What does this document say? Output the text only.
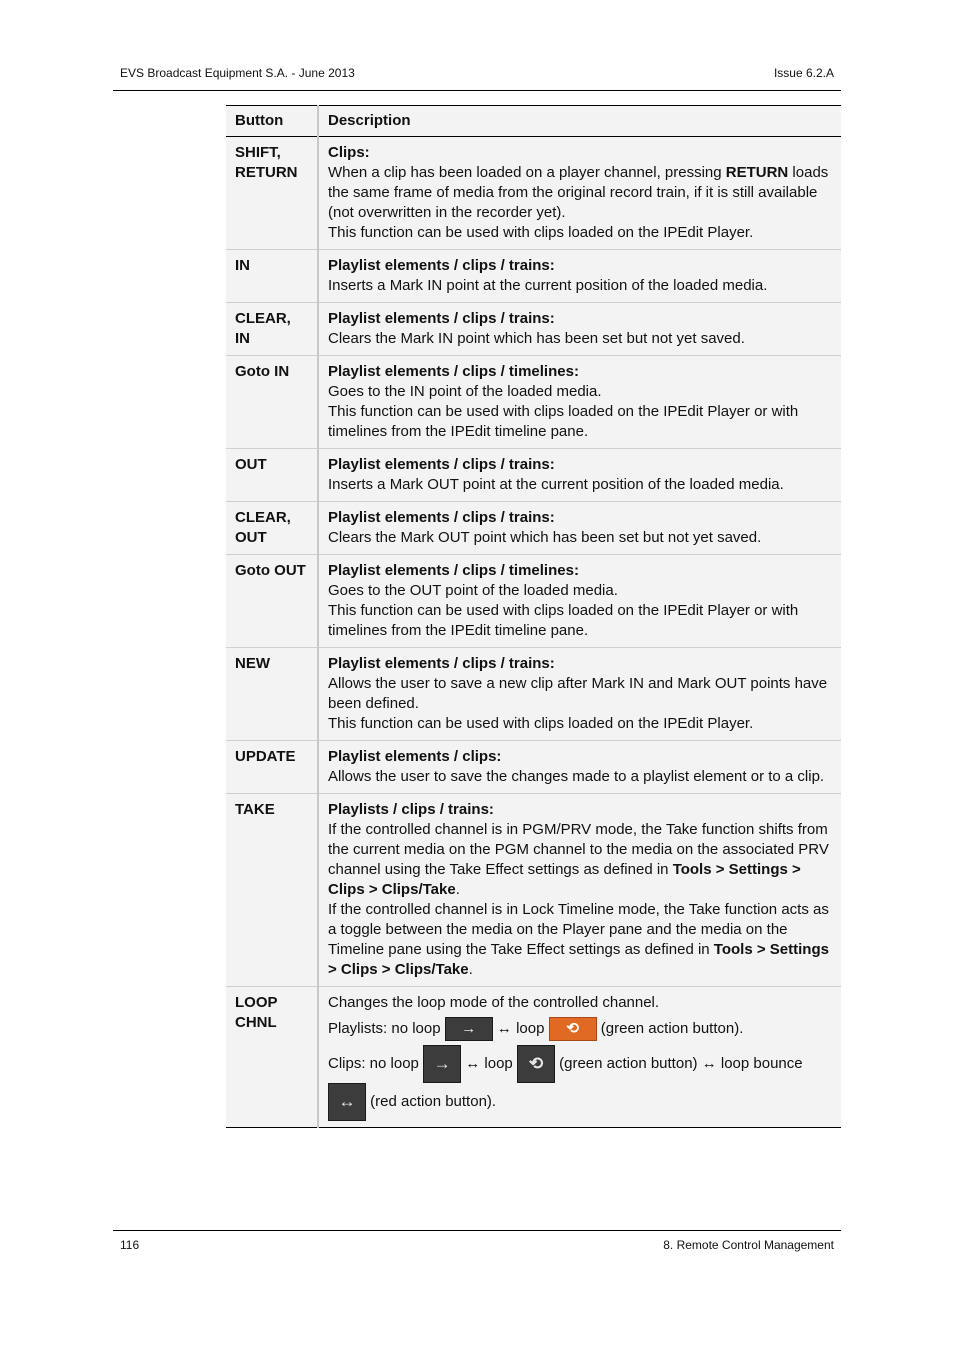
EVS Broadcast Equipment S.A. - June 2013	Issue 6.2.A
Button	Description
SHIFT, RETURN	Clips:
When a clip has been loaded on a player channel, pressing RETURN loads the same frame of media from the original record train, if it is still available (not overwritten in the recorder yet).
This function can be used with clips loaded on the IPEdit Player.

IN	Playlist elements / clips / trains:
Inserts a Mark IN point at the current position of the loaded media.

CLEAR, IN	Playlist elements / clips / trains:
Clears the Mark IN point which has been set but not yet saved.

Goto IN	Playlist elements / clips / timelines:
Goes to the IN point of the loaded media.
This function can be used with clips loaded on the IPEdit Player or with timelines from the IPEdit timeline pane.

OUT	Playlist elements / clips / trains:
Inserts a Mark OUT point at the current position of the loaded media.

CLEAR, OUT	Playlist elements / clips / trains:
Clears the Mark OUT point which has been set but not yet saved.

Goto OUT	Playlist elements / clips / timelines:
Goes to the OUT point of the loaded media.
This function can be used with clips loaded on the IPEdit Player or with timelines from the IPEdit timeline pane.

NEW	Playlist elements / clips / trains:
Allows the user to save a new clip after Mark IN and Mark OUT points have been defined.
This function can be used with clips loaded on the IPEdit Player.

UPDATE	Playlist elements / clips:
Allows the user to save the changes made to a playlist element or to a clip.

TAKE	Playlists / clips / trains:
If the controlled channel is in PGM/PRV mode, the Take function shifts from the current media on the PGM channel to the media on the associated PRV channel using the Take Effect settings as defined in Tools > Settings > Clips > Clips/Take.
If the controlled channel is in Lock Timeline mode, the Take function acts as a toggle between the media on the Player pane and the media on the Timeline pane using the Take Effect settings as defined in Tools > Settings > Clips > Clips/Take.

LOOP CHNL	Changes the loop mode of the controlled channel.
Playlists: no loop → ↔ loop ⟲ (green action button).
Clips: no loop → ↔ loop ⟲ (green action button) ↔ loop bounce ↔ (red action button).
116	8. Remote Control Management
